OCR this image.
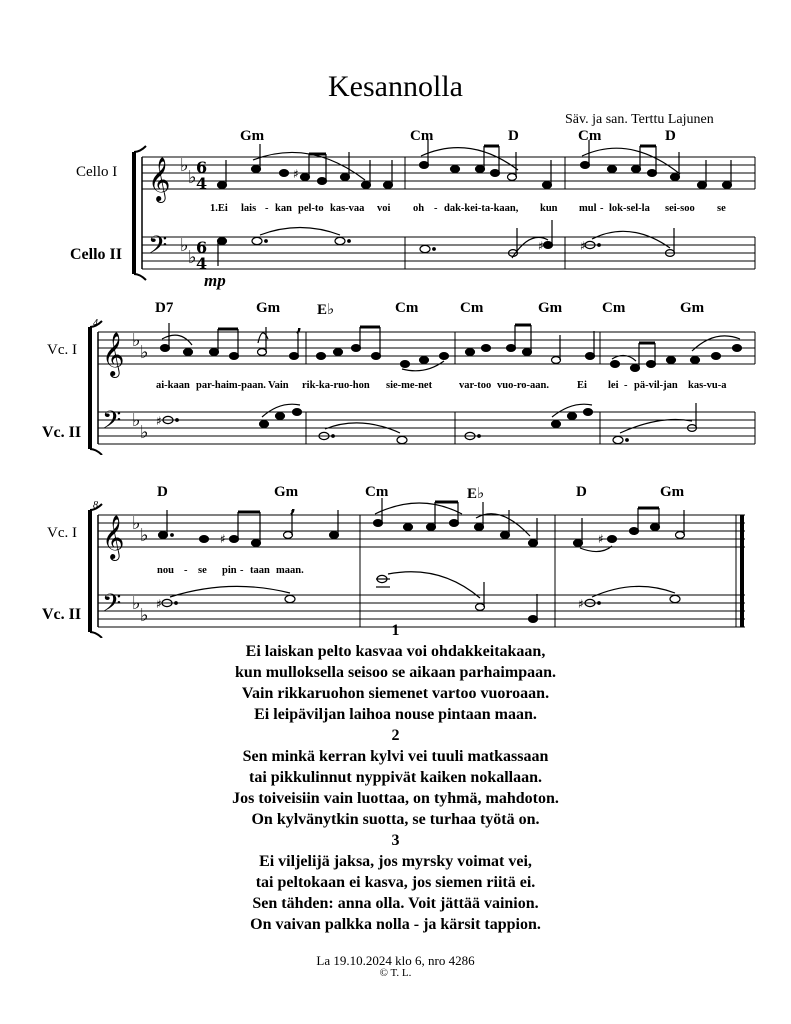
Kesannolla
Säv. ja san. Terttu Lajunen
Gm	Cm	D	Cm	D
Cello I
Cello II
1.Ei lais - kan pel-to kas-vaa voi oh - dak-kei-ta-kaan, kun mul - lok-sel-la sei-soo se
𝄞
𝄢
♭
♭
♭
♭
6
4
6
4
♯
♯	♯
mp
D7	Gm E♭	Cm	Cm	Gm	Cm	Gm
4
Vc. I
Vc. II
ai-kaan par-haim-paan. Vain rik-ka-ruo-hon sie-me-net	var-too vuo-ro-aan.	Ei lei - pä-vil-jan kas-vu-a
𝄞
𝄢
♭
♭
♭
♭
,
♯
D	Gm	Cm	E♭	D	Gm
8
Vc. I
Vc. II
nou - se pin - taan maan.
𝄞
𝄢
♭
♭
♭
♭
,
♯	♯
♯	♯
1
Ei laiskan pelto kasvaa voi ohdakkeitakaan,
kun mulloksella seisoo se aikaan parhaimpaan.
Vain rikkaruohon siemenet vartoo vuoroaan.
Ei leipäviljan laihoa nouse pintaan maan.
2
Sen minkä kerran kylvi vei tuuli matkassaan
tai pikkulinnut nyppivät kaiken nokallaan.
Jos toiveisiin vain luottaa, on tyhmä, mahdoton.
On kylvänytkin suotta, se turhaa työtä on.
3
Ei viljelijä jaksa, jos myrsky voimat vei,
tai peltokaan ei kasva, jos siemen riitä ei.
Sen tähden: anna olla. Voit jättää vainion.
On vaivan palkka nolla - ja kärsit tappion.
La 19.10.2024 klo 6, nro 4286
© T. L.
